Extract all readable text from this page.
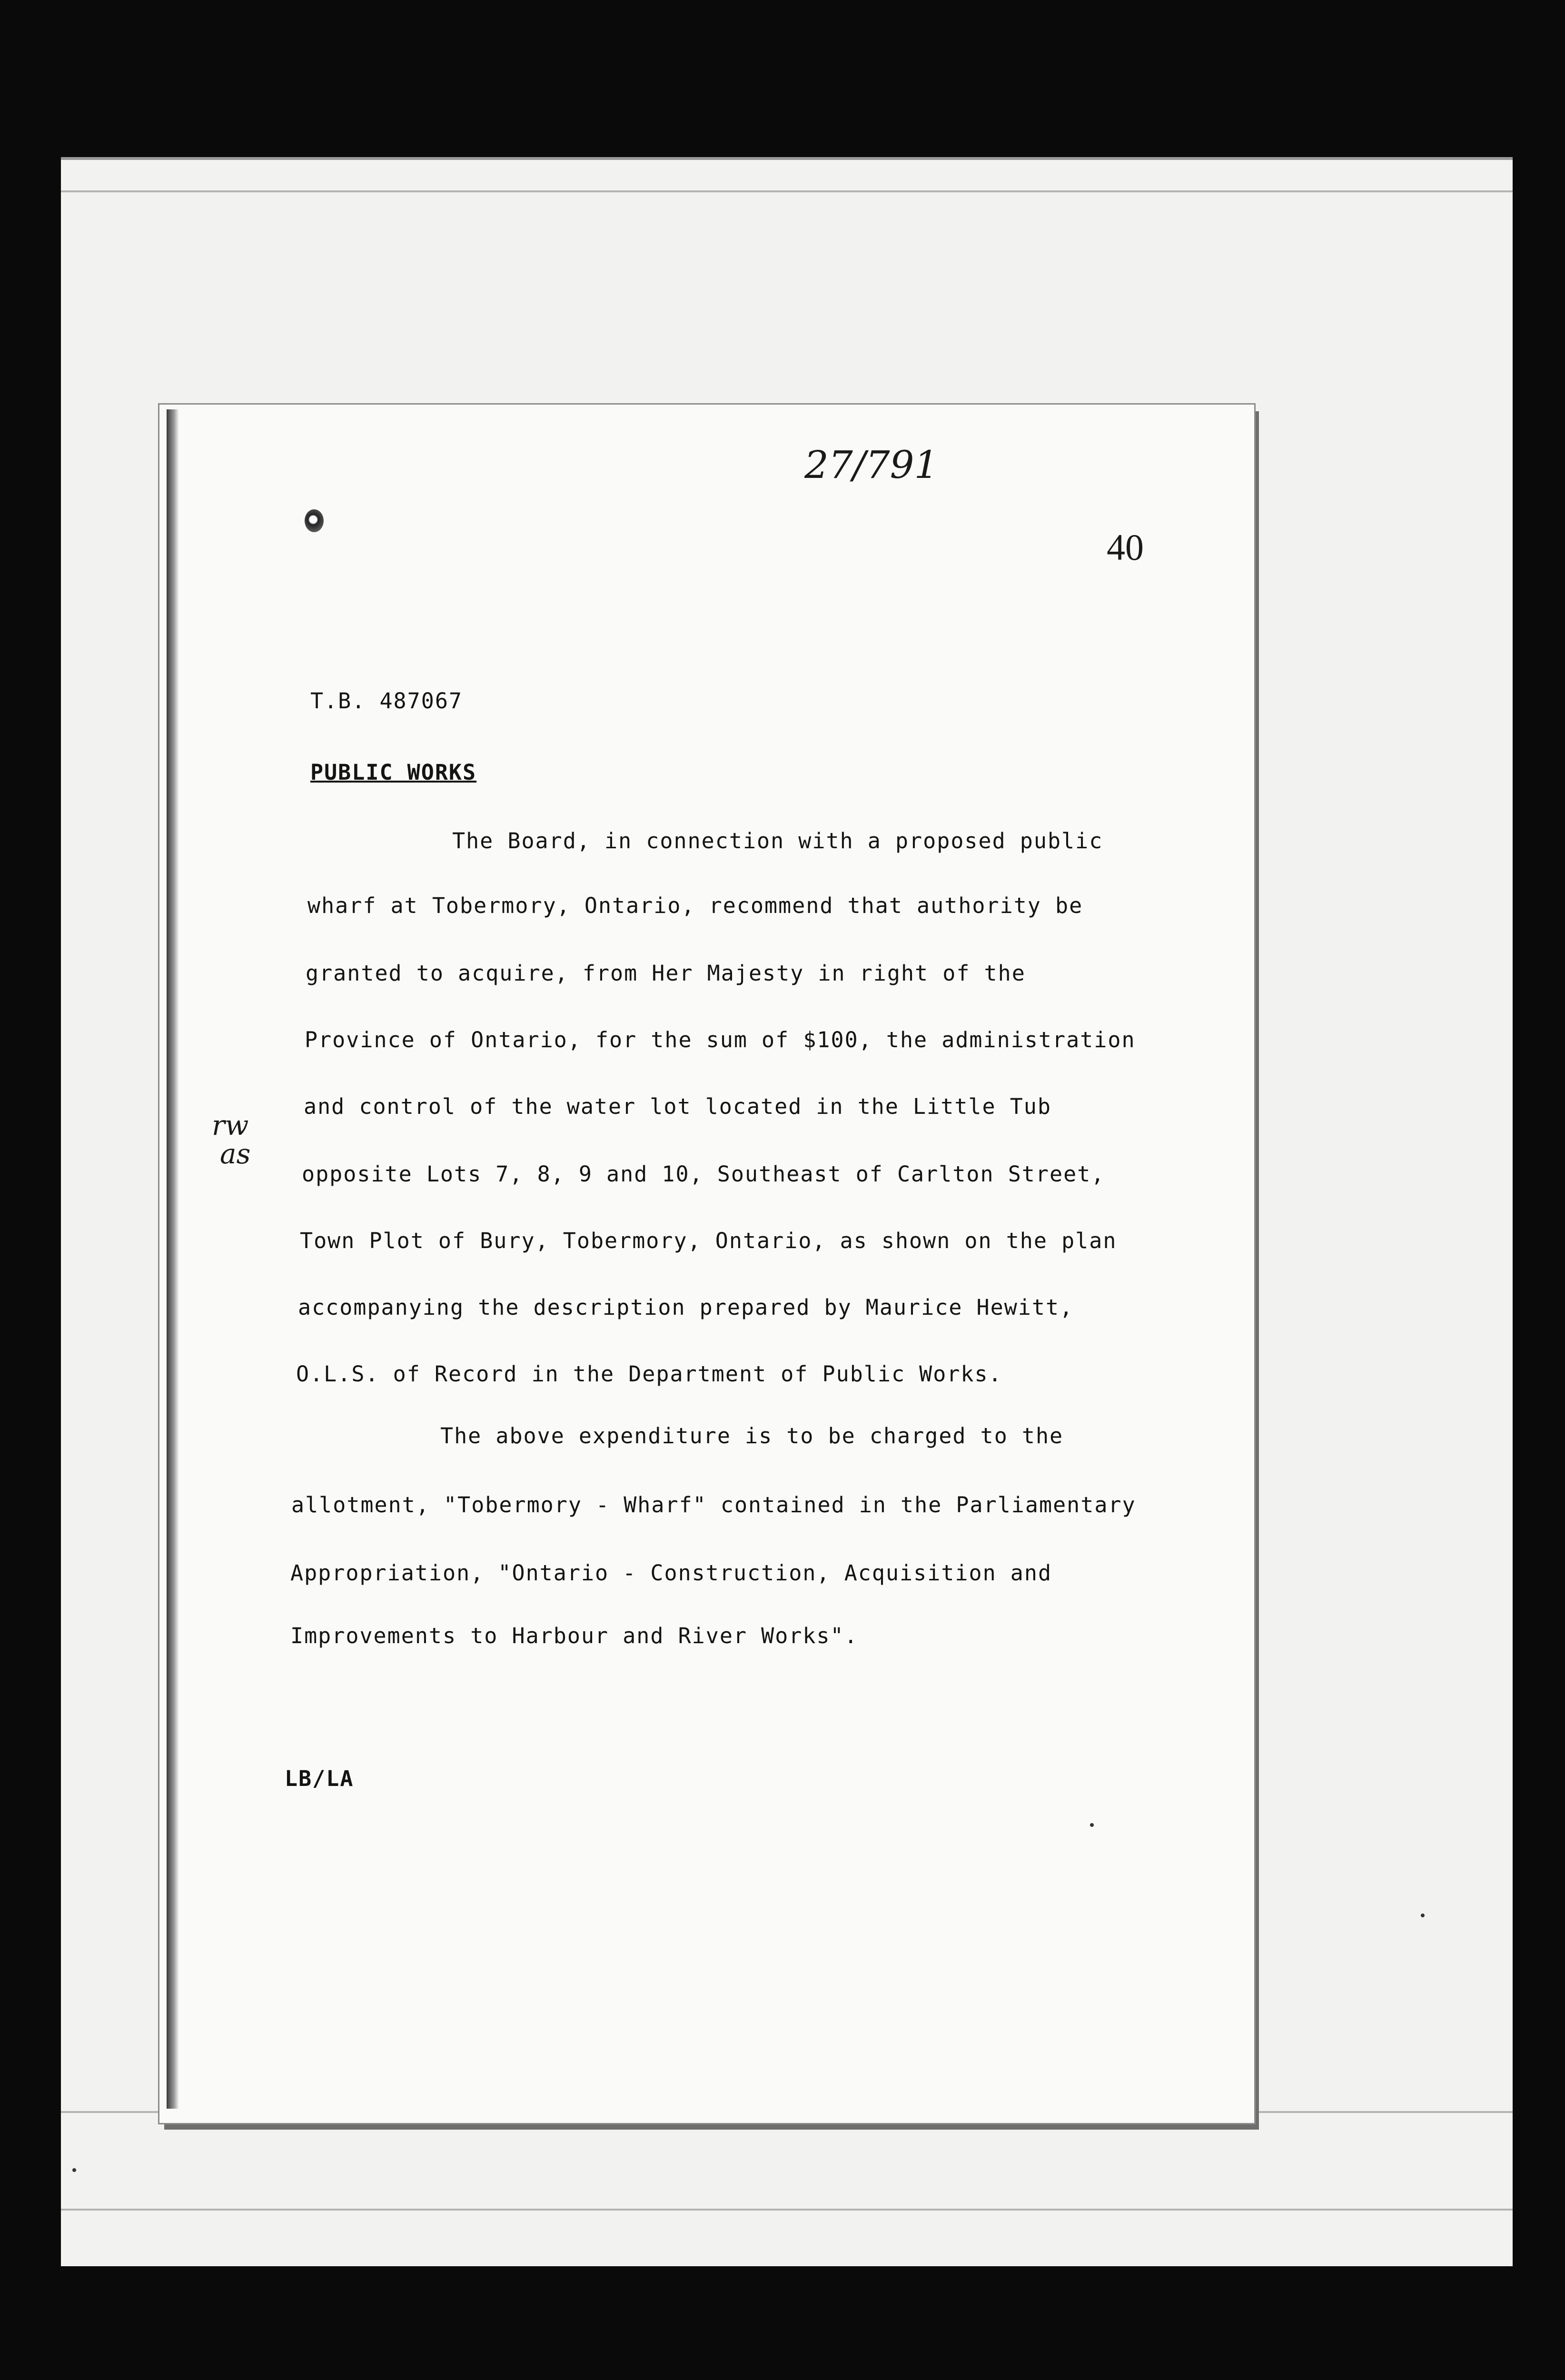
27/791
40
T.B. 487067
PUBLIC WORKS
The Board, in connection with a proposed public
wharf at Tobermory, Ontario, recommend that authority be
granted to acquire, from Her Majesty in right of the
Province of Ontario, for the sum of $100, the administration
and control of the water lot located in the Little Tub
opposite Lots 7, 8, 9 and 10, Southeast of Carlton Street,
Town Plot of Bury, Tobermory, Ontario, as shown on the plan
accompanying the description prepared by Maurice Hewitt,
O.L.S. of Record in the Department of Public Works.
rw
as
The above expenditure is to be charged to the
allotment, "Tobermory - Wharf" contained in the Parliamentary
Appropriation, "Ontario - Construction, Acquisition and
Improvements to Harbour and River Works".
LB/LA
